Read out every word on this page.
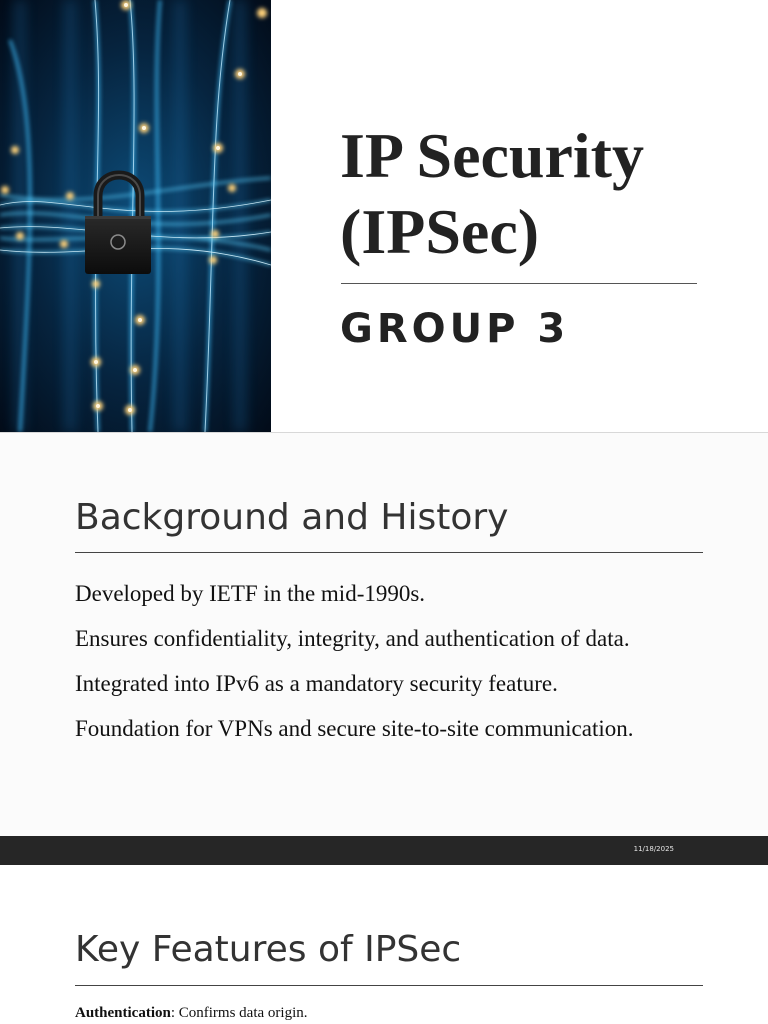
IP Security
(IPSec)
GROUP 3
Background and History
Developed by IETF in the mid-1990s.
Ensures confidentiality, integrity, and authentication of data.
Integrated into IPv6 as a mandatory security feature.
Foundation for VPNs and secure site-to-site communication.
11/18/2025
Key Features of IPSec
Authentication: Confirms data origin.
